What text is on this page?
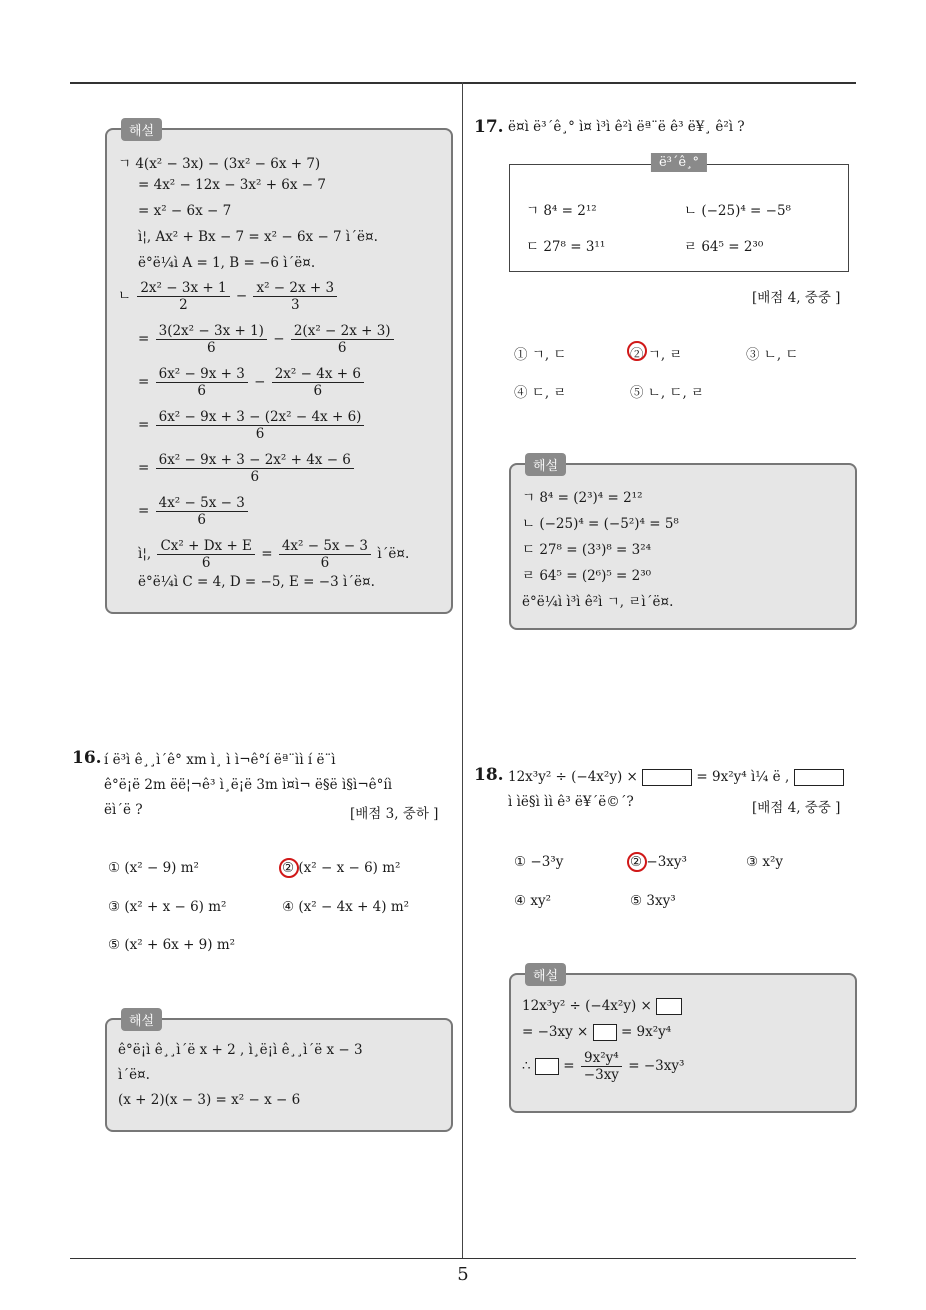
해설
ㄱ 4(x² − 3x) − (3x² − 6x + 7)
= 4x² − 12x − 3x² + 6x − 7
= x² − 6x − 7
ì¦, Ax² + Bx − 7 = x² − 6x − 7 ì´ë¤.
ë°ë¼ì A = 1, B = −6 ì´ë¤.
ㄴ $\frac{\text{2x² − 3x + 1}}{2} - \frac{\text{x² − 2x + 3}}{3}$
= $\frac{\text{3(2x² − 3x + 1)}}{6} - \frac{\text{2(x² − 2x + 3)}}{6}$
= $\frac{\text{6x² − 9x + 3}}{6} - \frac{\text{2x² − 4x + 6}}{6}$
= $\frac{\text{6x² − 9x + 3 − (2x² − 4x + 6)}}{6}$
= $\frac{\text{6x² − 9x + 3 − 2x² + 4x − 6}}{6}$
= $\frac{\text{4x² − 5x − 3}}{6}$
ì¦, $\frac{\text{Cx² + Dx + E}}{6} = \frac{\text{4x² − 5x − 3}}{6}$ ì´ë¤.
ë°ë¼ì C = 4, D = −5, E = −3 ì´ë¤.
16. í ë³ì ê¸¸ì´ê° xm ì¸ ì ì¬ê°í ëª¨ìì í ë¨ì
ê°ë¡ë 2m ëë¦¬ê³ ì¸ë¡ë 3m ì¤ì¬ ë§ë ì§ì¬ê°íì
ëì´ë ?	[배점 3, 중하 ]
① (x² − 9) m²	② (x² − x − 6) m²
③ (x² + x − 6) m²	④ (x² − 4x + 4) m²
⑤ (x² + 6x + 9) m²
해설
ê°ë¡ì ê¸¸ì´ë x + 2 , ì¸ë¡ì ê¸¸ì´ë x − 3
ì´ë¤.
(x + 2)(x − 3) = x² − x − 6
17. ë¤ì ë³´ê¸° ì¤ ì³ì ê²ì ëª¨ë ê³ ë¥¸ ê²ì ?
ë³´ê¸°
ㄱ 8⁴ = 2¹²	ㄴ (−25)⁴ = −5⁸
ㄷ 27⁸ = 3¹¹	ㄹ 64⁵ = 2³⁰
[배점 4, 중중 ]
① ㄱ, ㄷ	② ㄱ, ㄹ	③ ㄴ, ㄷ
④ ㄷ, ㄹ	⑤ ㄴ, ㄷ, ㄹ
해설
ㄱ 8⁴ = (2³)⁴ = 2¹²
ㄴ (−25)⁴ = (−5²)⁴ = 5⁸
ㄷ 27⁸ = (3³)⁸ = 3²⁴
ㄹ 64⁵ = (2⁶)⁵ = 2³⁰
ë°ë¼ì ì³ì ê²ì ㄱ, ㄹì´ë¤.
18. 12x³y² ÷ (−4x²y) ×	= 9x²y⁴ ì¼ ë ,
ì ìë§ì ìì ê³ ë¥´ë©´?	[배점 4, 중중 ]
① −3³y	② −3xy³	③ x²y
④ xy²	⑤ 3xy³
해설
12x³y² ÷ (−4x²y) ×
= −3xy × = 9x²y⁴
∴ = $\frac{\text{9x²y⁴}}{-3xy} = -3xy^3$
5
